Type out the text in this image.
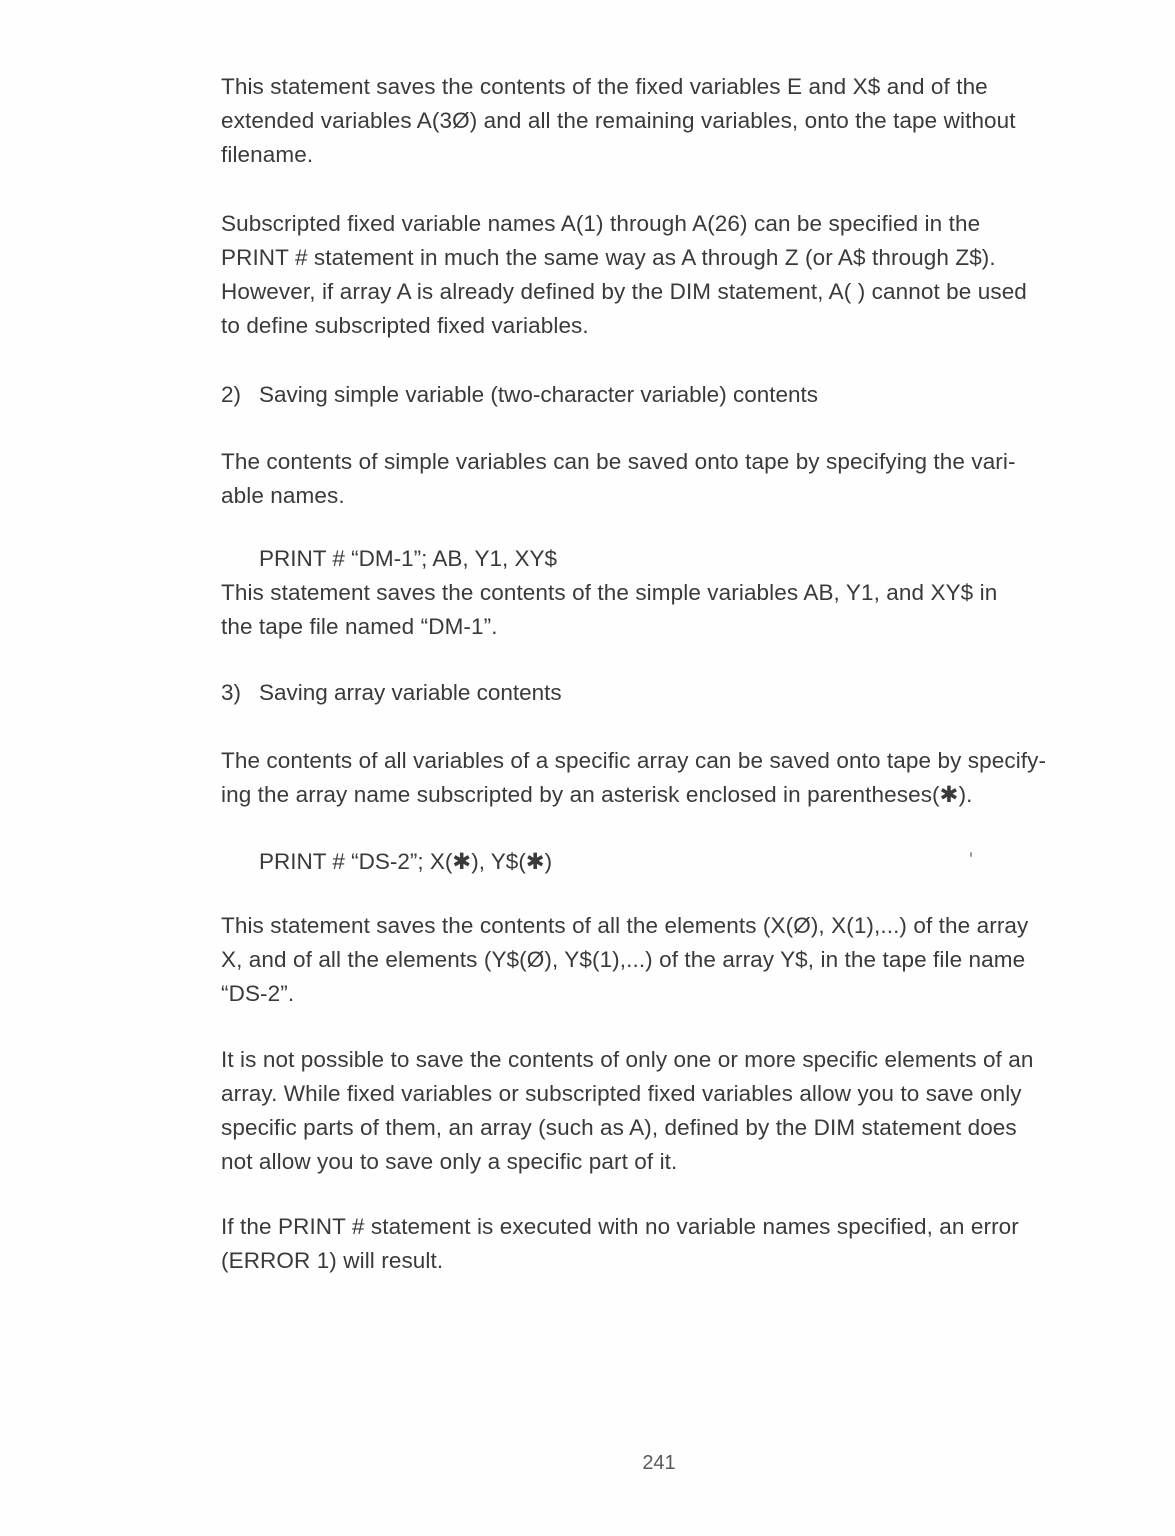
This statement saves the contents of the fixed variables E and X$ and of the
extended variables A(3Ø) and all the remaining variables, onto the tape without
filename.

Subscripted fixed variable names A(1) through A(26) can be specified in the
PRINT # statement in much the same way as A through Z (or A$ through Z$).
However, if array A is already defined by the DIM statement, A( ) cannot be used
to define subscripted fixed variables.

2) Saving simple variable (two-character variable) contents

The contents of simple variables can be saved onto tape by specifying the vari-
able names.

PRINT # “DM-1”; AB, Y1, XY$

This statement saves the contents of the simple variables AB, Y1, and XY$ in
the tape file named “DM-1”.

3) Saving array variable contents

The contents of all variables of a specific array can be saved onto tape by specify-
ing the array name subscripted by an asterisk enclosed in parentheses(✱).

PRINT # “DS-2”; X(✱), Y$(✱)

This statement saves the contents of all the elements (X(Ø), X(1),...) of the array
X, and of all the elements (Y$(Ø), Y$(1),...) of the array Y$, in the tape file name
“DS-2”.

It is not possible to save the contents of only one or more specific elements of an
array. While fixed variables or subscripted fixed variables allow you to save only
specific parts of them, an array (such as A), defined by the DIM statement does
not allow you to save only a specific part of it.

If the PRINT # statement is executed with no variable names specified, an error
(ERROR 1) will result.

241
